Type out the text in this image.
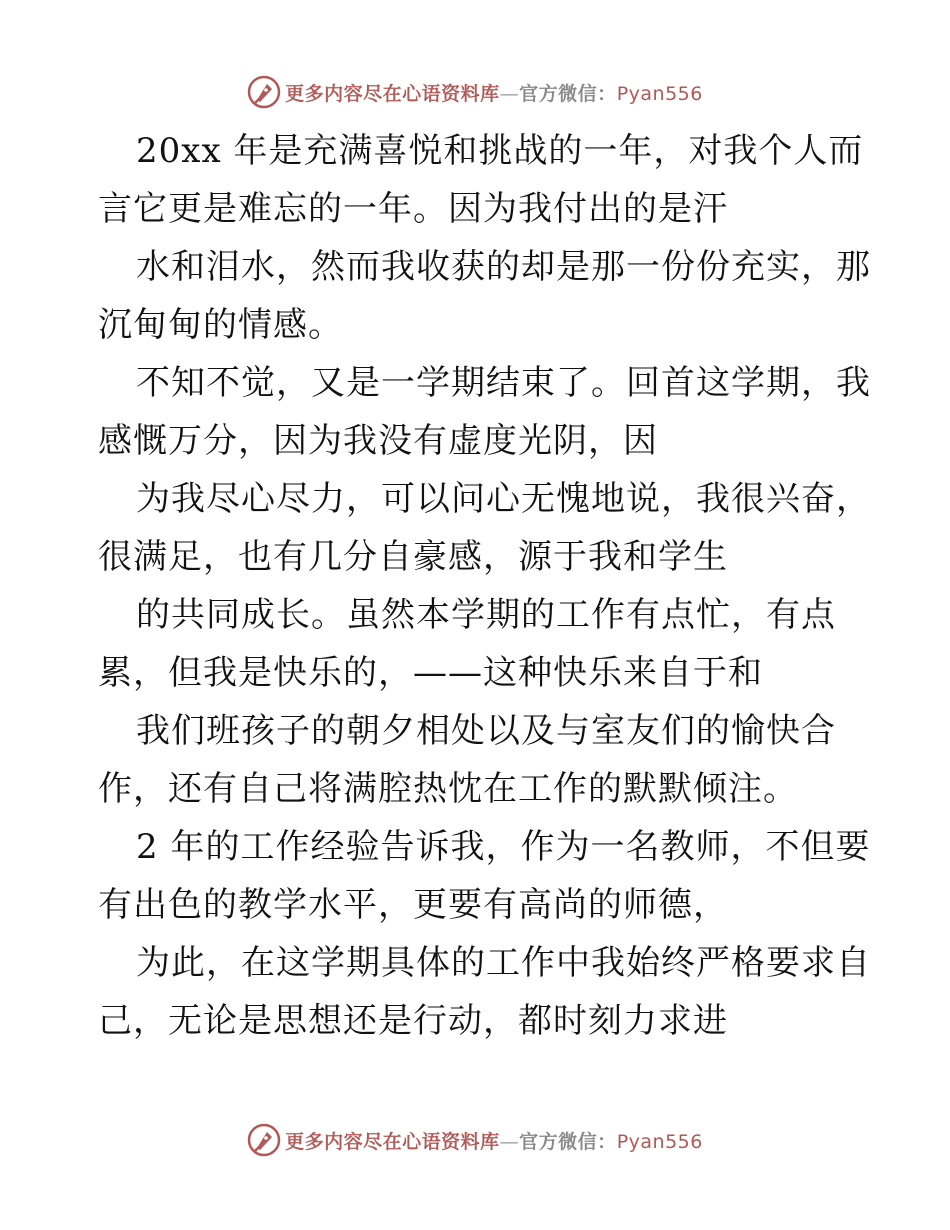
更多内容尽在心语资料库—官方微信：Pyan556
20xx 年是充满喜悦和挑战的一年，对我个人而
言它更是难忘的一年。因为我付出的是汗
水和泪水，然而我收获的却是那一份份充实，那
沉甸甸的情感。
不知不觉，又是一学期结束了。回首这学期，我
感慨万分，因为我没有虚度光阴，因
为我尽心尽力，可以问心无愧地说，我很兴奋，
很满足，也有几分自豪感，源于我和学生
的共同成长。虽然本学期的工作有点忙，有点
累，但我是快乐的，——这种快乐来自于和
我们班孩子的朝夕相处以及与室友们的愉快合
作，还有自己将满腔热忱在工作的默默倾注。
2 年的工作经验告诉我，作为一名教师，不但要
有出色的教学水平，更要有高尚的师德，
为此，在这学期具体的工作中我始终严格要求自
己，无论是思想还是行动，都时刻力求进
更多内容尽在心语资料库—官方微信：Pyan556
